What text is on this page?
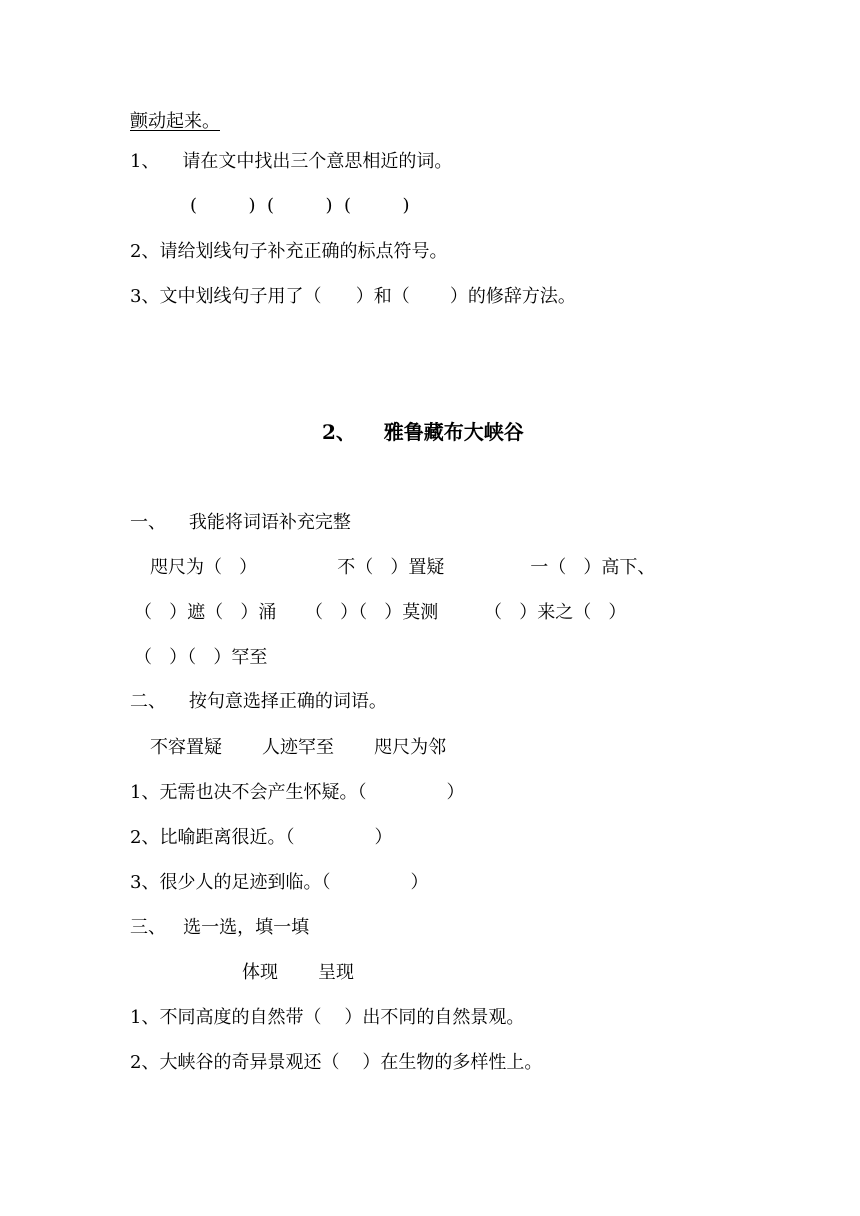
颤动起来。
1、    请在文中找出三个意思相近的词。
(         )  (         )  (         )
2、请给划线句子补充正确的标点符号。
3、文中划线句子用了（      ）和（       ）的修辞方法。
2、    雅鲁藏布大峡谷
一、    我能将词语补充完整
咫尺为（   ）              不（   ）置疑               一（   ）高下、
（   ）遮（   ）涌     （   ）（   ）莫测        （   ）来之（   ）
（   ）（   ）罕至
二、    按句意选择正确的词语。
不容置疑       人迹罕至       咫尺为邻
1、无需也决不会产生怀疑。（              ）
2、比喻距离很近。（              ）
3、很少人的足迹到临。（              ）
三、   选一选，填一填
体现       呈现
1、不同高度的自然带（    ）出不同的自然景观。
2、大峡谷的奇异景观还（    ）在生物的多样性上。
